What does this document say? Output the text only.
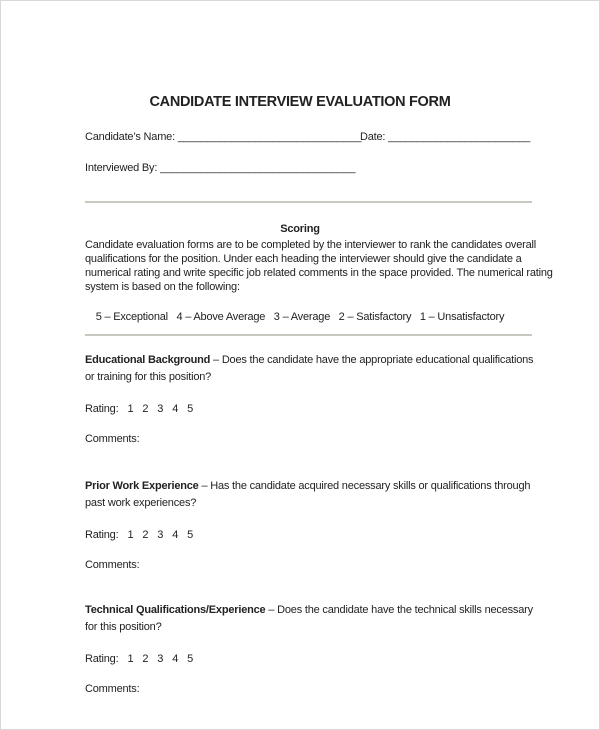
CANDIDATE INTERVIEW EVALUATION FORM
Candidate’s Name: _______________________________
Date: ________________________
Interviewed By: _________________________________
Scoring
Candidate evaluation forms are to be completed by the interviewer to rank the candidates overall
qualifications for the position. Under each heading the interviewer should give the candidate a
numerical rating and write specific job related comments in the space provided. The numerical rating
system is based on the following:
5 – Exceptional   4 – Above Average   3 – Average   2 – Satisfactory   1 – Unsatisfactory
Educational Background – Does the candidate have the appropriate educational qualifications
or training for this position?
Rating: 1 2 3 4 5
Comments:
Prior Work Experience – Has the candidate acquired necessary skills or qualifications through
past work experiences?
Rating: 1 2 3 4 5
Comments:
Technical Qualifications/Experience – Does the candidate have the technical skills necessary
for this position?
Rating: 1 2 3 4 5
Comments:
